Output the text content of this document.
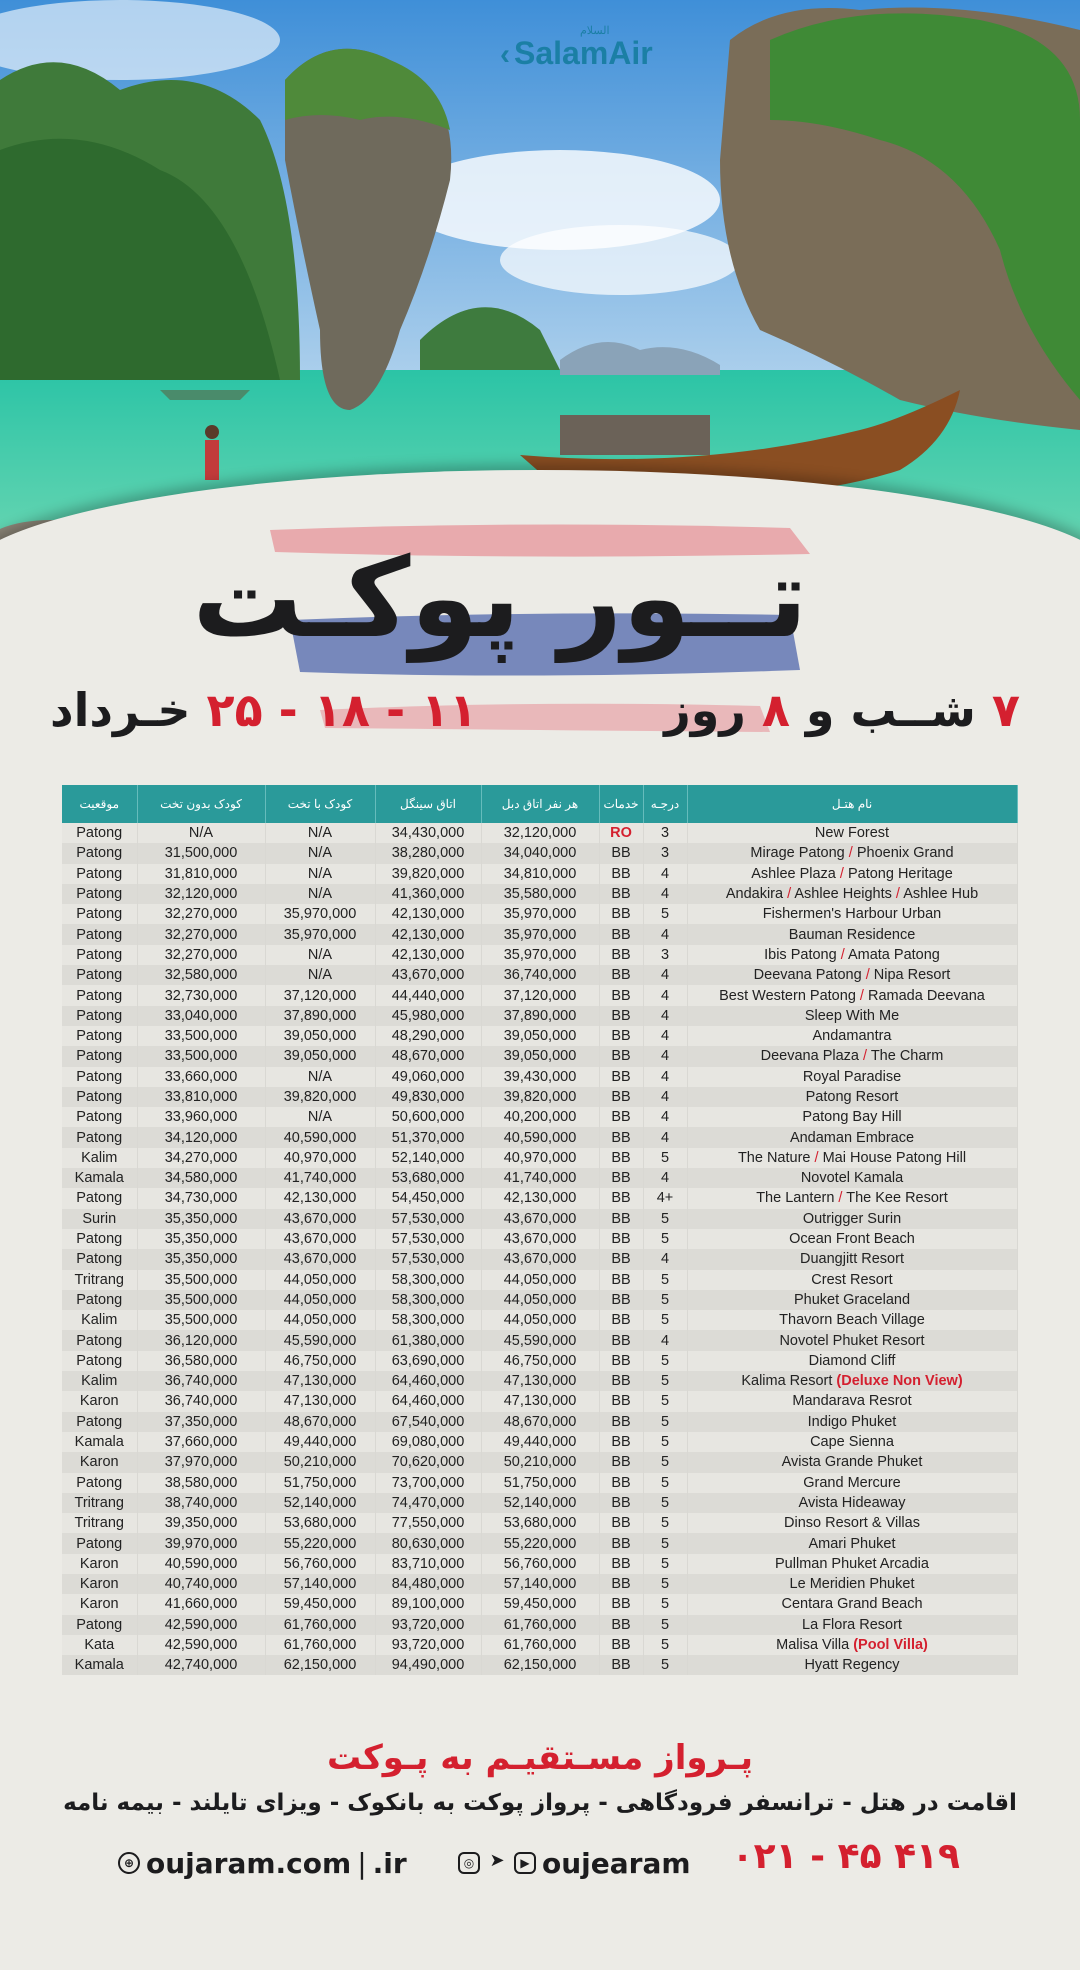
‹ SalamAir
السلام
تــور پوکـت
۷ شــب و ۸ روز
۱۱ - ۱۸ - ۲۵ خـرداد
موقعیت	کودک بدون تخت	کودک با تخت	اتاق سینگل	هر نفر اتاق دبل	خدمات	درجـه	نام هتـل
Patong	N/A	N/A	34,430,000	32,120,000	RO	3	New Forest
Patong	31,500,000	N/A	38,280,000	34,040,000	BB	3	Mirage Patong / Phoenix Grand
Patong	31,810,000	N/A	39,820,000	34,810,000	BB	4	Ashlee Plaza / Patong Heritage
Patong	32,120,000	N/A	41,360,000	35,580,000	BB	4	Andakira / Ashlee Heights / Ashlee Hub
Patong	32,270,000	35,970,000	42,130,000	35,970,000	BB	5	Fishermen's Harbour Urban
Patong	32,270,000	35,970,000	42,130,000	35,970,000	BB	4	Bauman Residence
Patong	32,270,000	N/A	42,130,000	35,970,000	BB	3	Ibis Patong / Amata Patong
Patong	32,580,000	N/A	43,670,000	36,740,000	BB	4	Deevana Patong / Nipa Resort
Patong	32,730,000	37,120,000	44,440,000	37,120,000	BB	4	Best Western Patong / Ramada Deevana
Patong	33,040,000	37,890,000	45,980,000	37,890,000	BB	4	Sleep With Me
Patong	33,500,000	39,050,000	48,290,000	39,050,000	BB	4	Andamantra
Patong	33,500,000	39,050,000	48,670,000	39,050,000	BB	4	Deevana Plaza / The Charm
Patong	33,660,000	N/A	49,060,000	39,430,000	BB	4	Royal Paradise
Patong	33,810,000	39,820,000	49,830,000	39,820,000	BB	4	Patong Resort
Patong	33,960,000	N/A	50,600,000	40,200,000	BB	4	Patong Bay Hill
Patong	34,120,000	40,590,000	51,370,000	40,590,000	BB	4	Andaman Embrace
Kalim	34,270,000	40,970,000	52,140,000	40,970,000	BB	5	The Nature / Mai House Patong Hill
Kamala	34,580,000	41,740,000	53,680,000	41,740,000	BB	4	Novotel Kamala
Patong	34,730,000	42,130,000	54,450,000	42,130,000	BB	4+	The Lantern / The Kee Resort
Surin	35,350,000	43,670,000	57,530,000	43,670,000	BB	5	Outrigger Surin
Patong	35,350,000	43,670,000	57,530,000	43,670,000	BB	5	Ocean Front Beach
Patong	35,350,000	43,670,000	57,530,000	43,670,000	BB	4	Duangjitt Resort
Tritrang	35,500,000	44,050,000	58,300,000	44,050,000	BB	5	Crest Resort
Patong	35,500,000	44,050,000	58,300,000	44,050,000	BB	5	Phuket Graceland
Kalim	35,500,000	44,050,000	58,300,000	44,050,000	BB	5	Thavorn Beach Village
Patong	36,120,000	45,590,000	61,380,000	45,590,000	BB	4	Novotel Phuket Resort
Patong	36,580,000	46,750,000	63,690,000	46,750,000	BB	5	Diamond Cliff
Kalim	36,740,000	47,130,000	64,460,000	47,130,000	BB	5	Kalima Resort (Deluxe Non View)
Karon	36,740,000	47,130,000	64,460,000	47,130,000	BB	5	Mandarava Resrot
Patong	37,350,000	48,670,000	67,540,000	48,670,000	BB	5	Indigo Phuket
Kamala	37,660,000	49,440,000	69,080,000	49,440,000	BB	5	Cape Sienna
Karon	37,970,000	50,210,000	70,620,000	50,210,000	BB	5	Avista Grande Phuket
Patong	38,580,000	51,750,000	73,700,000	51,750,000	BB	5	Grand Mercure
Tritrang	38,740,000	52,140,000	74,470,000	52,140,000	BB	5	Avista Hideaway
Tritrang	39,350,000	53,680,000	77,550,000	53,680,000	BB	5	Dinso Resort & Villas
Patong	39,970,000	55,220,000	80,630,000	55,220,000	BB	5	Amari Phuket
Karon	40,590,000	56,760,000	83,710,000	56,760,000	BB	5	Pullman Phuket Arcadia
Karon	40,740,000	57,140,000	84,480,000	57,140,000	BB	5	Le Meridien Phuket
Karon	41,660,000	59,450,000	89,100,000	59,450,000	BB	5	Centara Grand Beach
Patong	42,590,000	61,760,000	93,720,000	61,760,000	BB	5	La Flora Resort
Kata	42,590,000	61,760,000	93,720,000	61,760,000	BB	5	Malisa Villa (Pool Villa)
Kamala	42,740,000	62,150,000	94,490,000	62,150,000	BB	5	Hyatt Regency
پـرواز مسـتقیـم به پـوکت
اقامت در هتل - ترانسفر فرودگاهی - پرواز پوکت به بانکوک - ویزای تایلند - بیمه نامه
⊕ oujaram.com | .ir	◎ ➤	▶ oujearam ۰۲۱ - ۴۵ ۴۱۹
